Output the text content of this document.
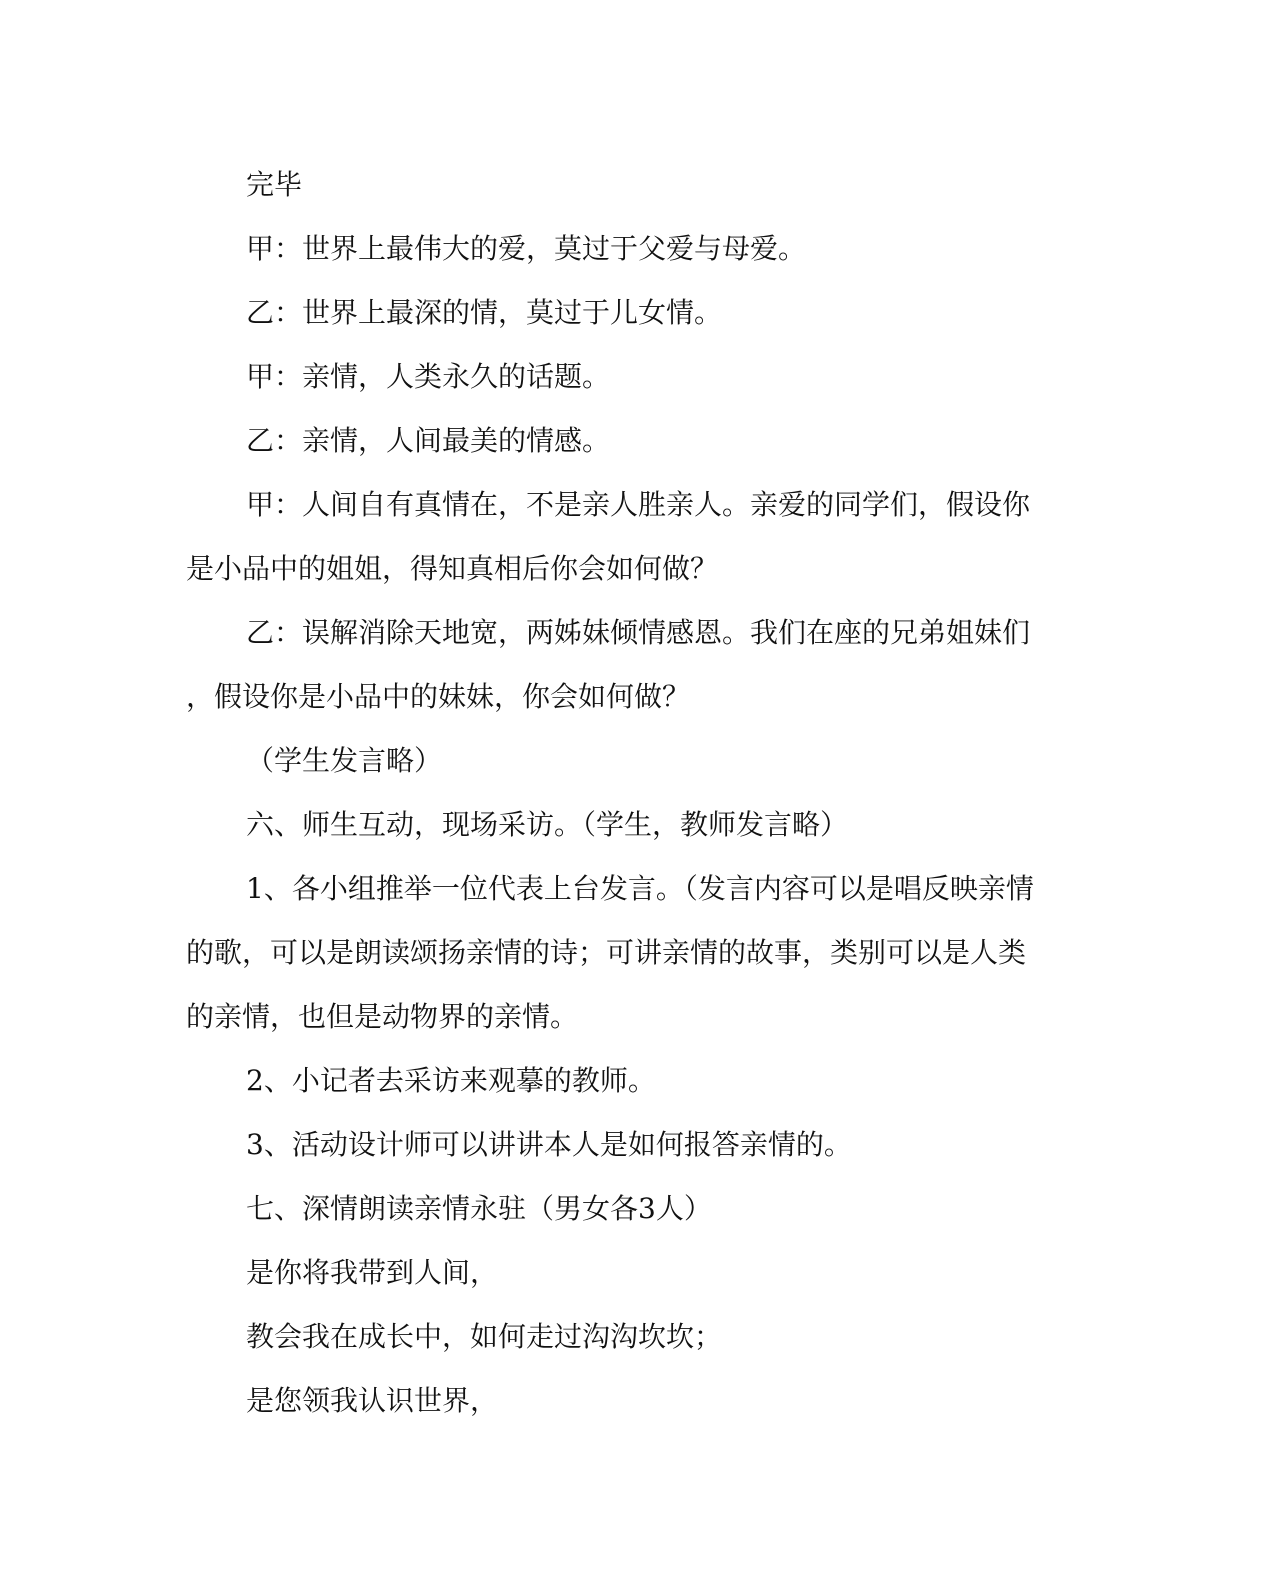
完毕
甲：世界上最伟大的爱，莫过于父爱与母爱。
乙：世界上最深的情，莫过于儿女情。
甲：亲情，人类永久的话题。
乙：亲情，人间最美的情感。
甲：人间自有真情在，不是亲人胜亲人。亲爱的同学们，假设你
是小品中的姐姐，得知真相后你会如何做？
乙：误解消除天地宽，两姊妹倾情感恩。我们在座的兄弟姐妹们
，假设你是小品中的妹妹，你会如何做？
（学生发言略）
六、师生互动，现场采访。（学生，教师发言略）
1、各小组推举一位代表上台发言。（发言内容可以是唱反映亲情
的歌，可以是朗读颂扬亲情的诗；可讲亲情的故事，类别可以是人类
的亲情，也但是动物界的亲情。
2、小记者去采访来观摹的教师。
3、活动设计师可以讲讲本人是如何报答亲情的。
七、深情朗读亲情永驻（男女各3人）
是你将我带到人间，
教会我在成长中，如何走过沟沟坎坎；
是您领我认识世界，
